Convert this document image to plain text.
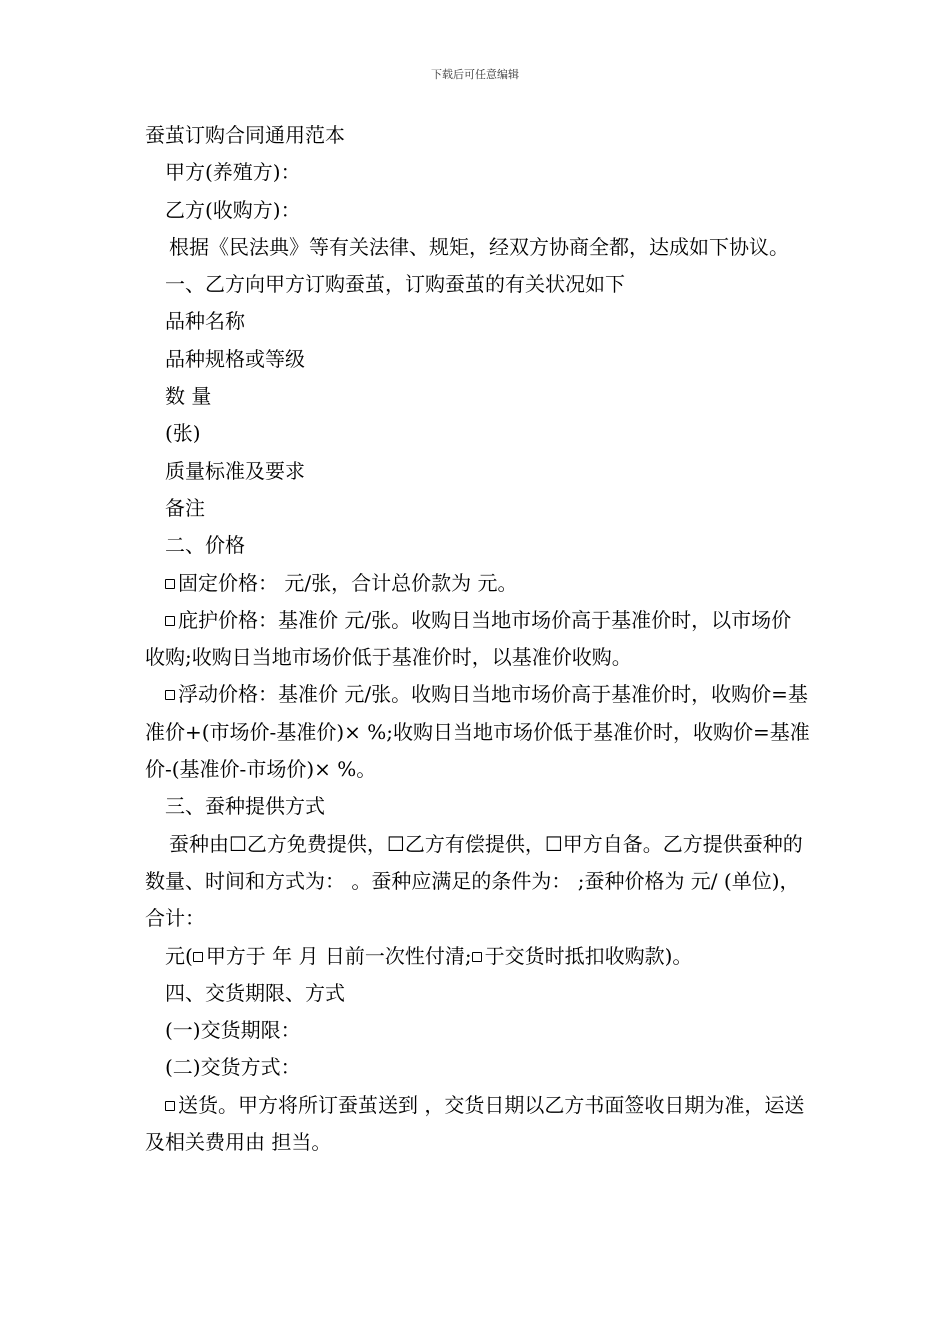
下载后可任意编辑

蚕茧订购合同通用范本

甲方(养殖方)：

乙方(收购方)：

根据《民法典》等有关法律、规矩，经双方协商全都，达成如下协议。

一、乙方向甲方订购蚕茧，订购蚕茧的有关状况如下

品种名称

品种规格或等级

数 量

(张)

质量标准及要求

备注

二、价格

固定价格： 元/张，合计总价款为 元。

庇护价格：基准价 元/张。收购日当地市场价高于基准价时，以市场价收购;收购日当地市场价低于基准价时，以基准价收购。

浮动价格：基准价 元/张。收购日当地市场价高于基准价时，收购价=基准价+(市场价-基准价)× %;收购日当地市场价低于基准价时，收购价=基准价-(基准价-市场价)× %。

三、蚕种提供方式

蚕种由☐乙方免费提供，☐乙方有偿提供，☐甲方自备。乙方提供蚕种的数量、时间和方式为： 。蚕种应满足的条件为： ;蚕种价格为 元/ (单位)，合计：

元( 甲方于 年 月 日前一次性付清; 于交货时抵扣收购款)。

四、交货期限、方式

(一)交货期限：

(二)交货方式：

送货。甲方将所订蚕茧送到 ，交货日期以乙方书面签收日期为准，运送及相关费用由 担当。
